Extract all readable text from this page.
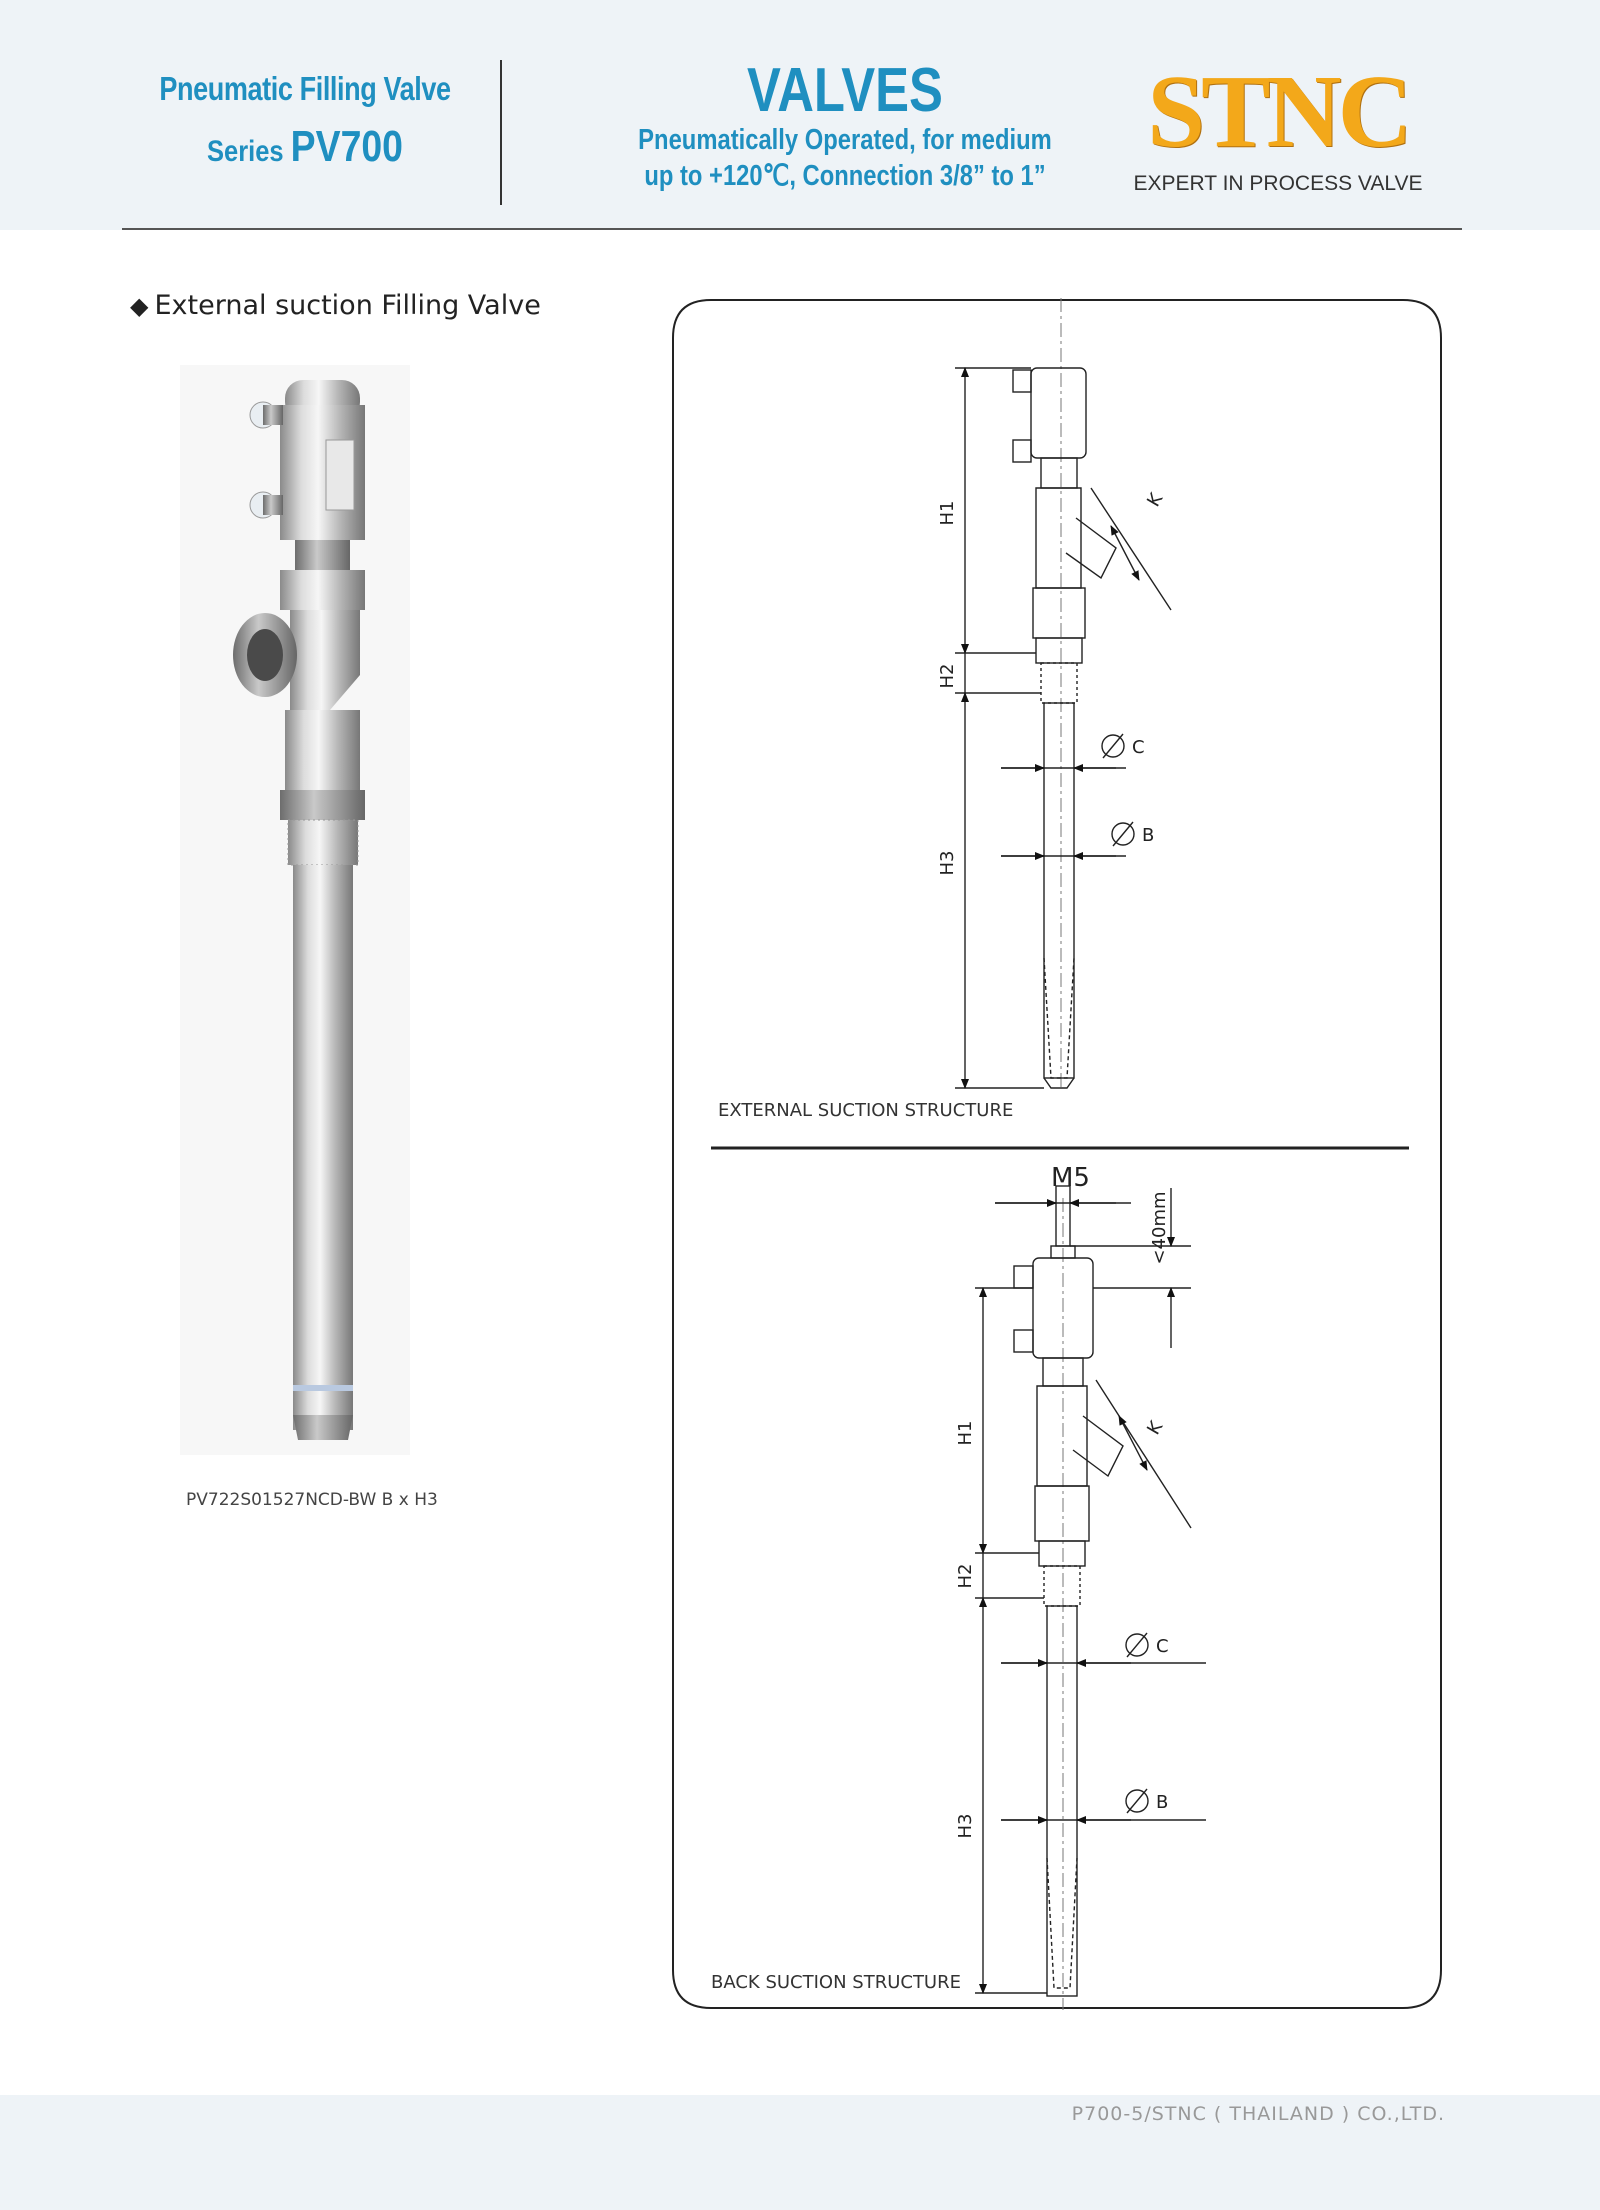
Pneumatic Filling Valve
Series PV700
VALVES
Pneumatically Operated, for medium
up to +120℃, Connection 3/8” to 1”
STNC
EXPERT IN PROCESS VALVE
◆ External suction Filling Valve
PV722S01527NCD-BW B x H3
H1
H2
H3
K
C
B
EXTERNAL SUCTION STRUCTURE
M5
<40mm
H1
H2
H3
K
C
B
BACK SUCTION STRUCTURE
P700-5/STNC ( THAILAND ) CO.,LTD.
